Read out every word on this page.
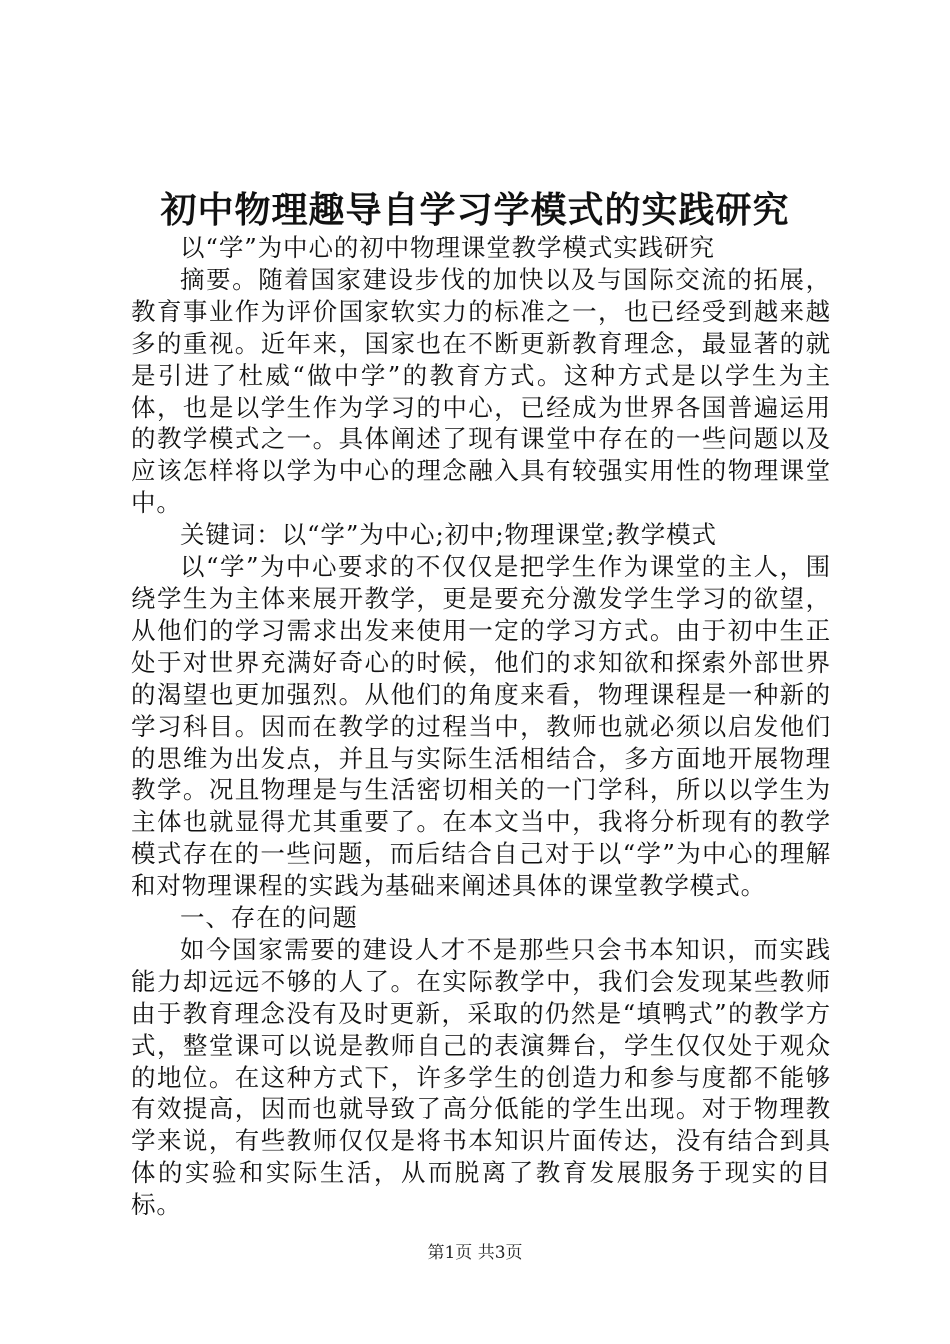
初中物理趣导自学习学模式的实践研究

以“学”为中心的初中物理课堂教学模式实践研究

摘要。随着国家建设步伐的加快以及与国际交流的拓展，教育事业作为评价国家软实力的标准之一，也已经受到越来越多的重视。近年来，国家也在不断更新教育理念，最显著的就是引进了杜威“做中学”的教育方式。这种方式是以学生为主体，也是以学生作为学习的中心，已经成为世界各国普遍运用的教学模式之一。具体阐述了现有课堂中存在的一些问题以及应该怎样将以学为中心的理念融入具有较强实用性的物理课堂中。

关键词：以“学”为中心;初中;物理课堂;教学模式

以“学”为中心要求的不仅仅是把学生作为课堂的主人，围绕学生为主体来展开教学，更是要充分激发学生学习的欲望，从他们的学习需求出发来使用一定的学习方式。由于初中生正处于对世界充满好奇心的时候，他们的求知欲和探索外部世界的渴望也更加强烈。从他们的角度来看，物理课程是一种新的学习科目。因而在教学的过程当中，教师也就必须以启发他们的思维为出发点，并且与实际生活相结合，多方面地开展物理教学。况且物理是与生活密切相关的一门学科，所以以学生为主体也就显得尤其重要了。在本文当中，我将分析现有的教学模式存在的一些问题，而后结合自己对于以“学”为中心的理解和对物理课程的实践为基础来阐述具体的课堂教学模式。

一、存在的问题

如今国家需要的建设人才不是那些只会书本知识，而实践能力却远远不够的人了。在实际教学中，我们会发现某些教师由于教育理念没有及时更新，采取的仍然是“填鸭式”的教学方式，整堂课可以说是教师自己的表演舞台，学生仅仅处于观众的地位。在这种方式下，许多学生的创造力和参与度都不能够有效提高，因而也就导致了高分低能的学生出现。对于物理教学来说，有些教师仅仅是将书本知识片面传达，没有结合到具体的实验和实际生活，从而脱离了教育发展服务于现实的目标。

第1页 共3页
